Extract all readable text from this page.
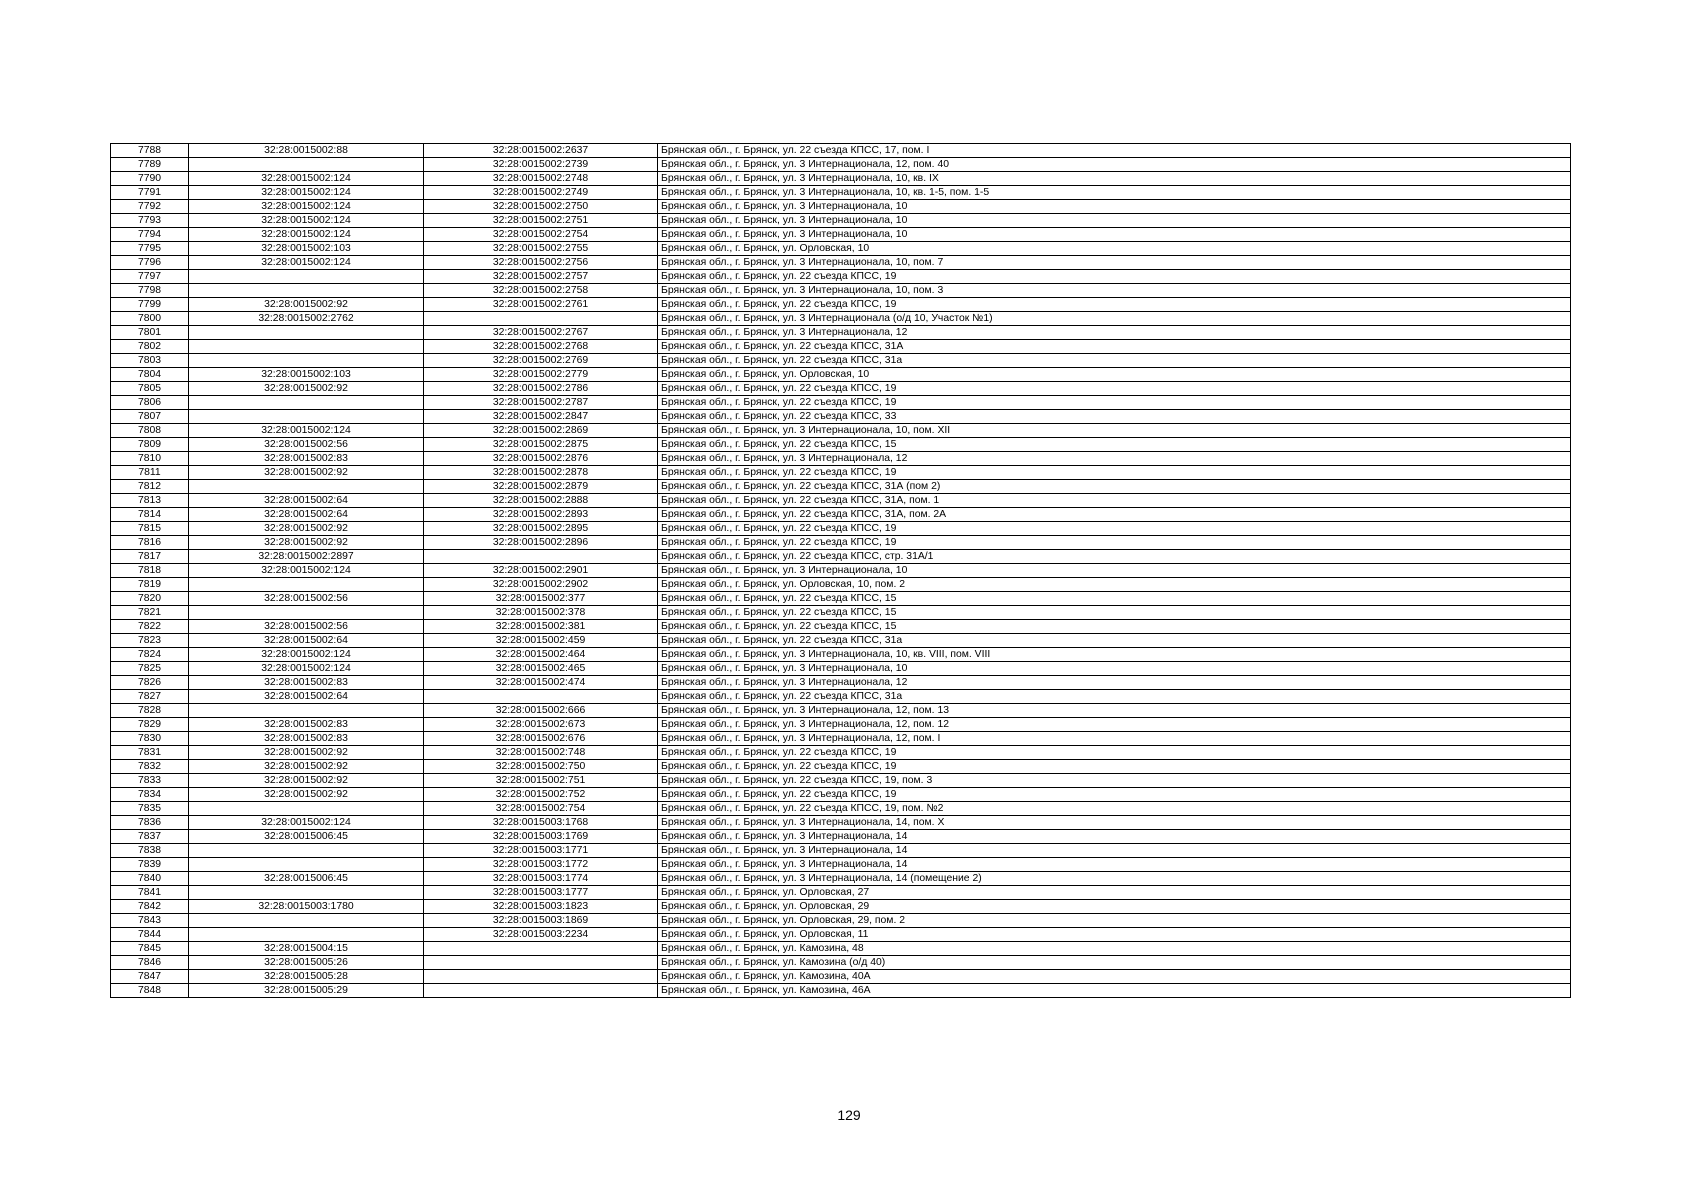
7788	32:28:0015002:88	32:28:0015002:2637	Брянская обл., г. Брянск, ул. 22 съезда КПСС, 17, пом. I
7789		32:28:0015002:2739	Брянская обл., г. Брянск, ул. 3 Интернационала, 12, пом. 40
7790	32:28:0015002:124	32:28:0015002:2748	Брянская обл., г. Брянск, ул. 3 Интернационала, 10, кв. IX
7791	32:28:0015002:124	32:28:0015002:2749	Брянская обл., г. Брянск, ул. 3 Интернационала, 10, кв. 1-5, пом. 1-5
7792	32:28:0015002:124	32:28:0015002:2750	Брянская обл., г. Брянск, ул. 3 Интернационала, 10
7793	32:28:0015002:124	32:28:0015002:2751	Брянская обл., г. Брянск, ул. 3 Интернационала, 10
7794	32:28:0015002:124	32:28:0015002:2754	Брянская обл., г. Брянск, ул. 3 Интернационала, 10
7795	32:28:0015002:103	32:28:0015002:2755	Брянская обл., г. Брянск, ул. Орловская, 10
7796	32:28:0015002:124	32:28:0015002:2756	Брянская обл., г. Брянск, ул. 3 Интернационала, 10, пом. 7
7797		32:28:0015002:2757	Брянская обл., г. Брянск, ул. 22 съезда КПСС, 19
7798		32:28:0015002:2758	Брянская обл., г. Брянск, ул. 3 Интернационала, 10, пом. 3
7799	32:28:0015002:92	32:28:0015002:2761	Брянская обл., г. Брянск, ул. 22 съезда КПСС, 19
7800	32:28:0015002:2762		Брянская обл., г. Брянск, ул. 3 Интернационала (о/д 10, Участок №1)
7801		32:28:0015002:2767	Брянская обл., г. Брянск, ул. 3 Интернационала, 12
7802		32:28:0015002:2768	Брянская обл., г. Брянск, ул. 22 съезда КПСС, 31А
7803		32:28:0015002:2769	Брянская обл., г. Брянск, ул. 22 съезда КПСС, 31а
7804	32:28:0015002:103	32:28:0015002:2779	Брянская обл., г. Брянск, ул. Орловская, 10
7805	32:28:0015002:92	32:28:0015002:2786	Брянская обл., г. Брянск, ул. 22 съезда КПСС, 19
7806		32:28:0015002:2787	Брянская обл., г. Брянск, ул. 22 съезда КПСС, 19
7807		32:28:0015002:2847	Брянская обл., г. Брянск, ул. 22 съезда КПСС, 33
7808	32:28:0015002:124	32:28:0015002:2869	Брянская обл., г. Брянск, ул. 3 Интернационала, 10, пом. XII
7809	32:28:0015002:56	32:28:0015002:2875	Брянская обл., г. Брянск, ул. 22 съезда КПСС, 15
7810	32:28:0015002:83	32:28:0015002:2876	Брянская обл., г. Брянск, ул. 3 Интернационала, 12
7811	32:28:0015002:92	32:28:0015002:2878	Брянская обл., г. Брянск, ул. 22 съезда КПСС, 19
7812		32:28:0015002:2879	Брянская обл., г. Брянск, ул. 22 съезда КПСС, 31А (пом 2)
7813	32:28:0015002:64	32:28:0015002:2888	Брянская обл., г. Брянск, ул. 22 съезда КПСС, 31А, пом. 1
7814	32:28:0015002:64	32:28:0015002:2893	Брянская обл., г. Брянск, ул. 22 съезда КПСС, 31А, пом. 2А
7815	32:28:0015002:92	32:28:0015002:2895	Брянская обл., г. Брянск, ул. 22 съезда КПСС, 19
7816	32:28:0015002:92	32:28:0015002:2896	Брянская обл., г. Брянск, ул. 22 съезда КПСС, 19
7817	32:28:0015002:2897		Брянская обл., г. Брянск, ул. 22 съезда КПСС, стр. 31А/1
7818	32:28:0015002:124	32:28:0015002:2901	Брянская обл., г. Брянск, ул. 3 Интернационала, 10
7819		32:28:0015002:2902	Брянская обл., г. Брянск, ул. Орловская, 10, пом. 2
7820	32:28:0015002:56	32:28:0015002:377	Брянская обл., г. Брянск, ул. 22 съезда КПСС, 15
7821		32:28:0015002:378	Брянская обл., г. Брянск, ул. 22 съезда КПСС, 15
7822	32:28:0015002:56	32:28:0015002:381	Брянская обл., г. Брянск, ул. 22 съезда КПСС, 15
7823	32:28:0015002:64	32:28:0015002:459	Брянская обл., г. Брянск, ул. 22 съезда КПСС, 31а
7824	32:28:0015002:124	32:28:0015002:464	Брянская обл., г. Брянск, ул. 3 Интернационала, 10, кв. VIII, пом. VIII
7825	32:28:0015002:124	32:28:0015002:465	Брянская обл., г. Брянск, ул. 3 Интернационала, 10
7826	32:28:0015002:83	32:28:0015002:474	Брянская обл., г. Брянск, ул. 3 Интернационала, 12
7827	32:28:0015002:64		Брянская обл., г. Брянск, ул. 22 съезда КПСС, 31а
7828		32:28:0015002:666	Брянская обл., г. Брянск, ул. 3 Интернационала, 12, пом. 13
7829	32:28:0015002:83	32:28:0015002:673	Брянская обл., г. Брянск, ул. 3 Интернационала, 12, пом. 12
7830	32:28:0015002:83	32:28:0015002:676	Брянская обл., г. Брянск, ул. 3 Интернационала, 12, пом. I
7831	32:28:0015002:92	32:28:0015002:748	Брянская обл., г. Брянск, ул. 22 съезда КПСС, 19
7832	32:28:0015002:92	32:28:0015002:750	Брянская обл., г. Брянск, ул. 22 съезда КПСС, 19
7833	32:28:0015002:92	32:28:0015002:751	Брянская обл., г. Брянск, ул. 22 съезда КПСС, 19, пом. 3
7834	32:28:0015002:92	32:28:0015002:752	Брянская обл., г. Брянск, ул. 22 съезда КПСС, 19
7835		32:28:0015002:754	Брянская обл., г. Брянск, ул. 22 съезда КПСС, 19, пом. №2
7836	32:28:0015002:124	32:28:0015003:1768	Брянская обл., г. Брянск, ул. 3 Интернационала, 14, пом. X
7837	32:28:0015006:45	32:28:0015003:1769	Брянская обл., г. Брянск, ул. 3 Интернационала, 14
7838		32:28:0015003:1771	Брянская обл., г. Брянск, ул. 3 Интернационала, 14
7839		32:28:0015003:1772	Брянская обл., г. Брянск, ул. 3 Интернационала, 14
7840	32:28:0015006:45	32:28:0015003:1774	Брянская обл., г. Брянск, ул. 3 Интернационала, 14 (помещение 2)
7841		32:28:0015003:1777	Брянская обл., г. Брянск, ул. Орловская, 27
7842	32:28:0015003:1780	32:28:0015003:1823	Брянская обл., г. Брянск, ул. Орловская, 29
7843		32:28:0015003:1869	Брянская обл., г. Брянск, ул. Орловская, 29, пом. 2
7844		32:28:0015003:2234	Брянская обл., г. Брянск, ул. Орловская, 11
7845	32:28:0015004:15		Брянская обл., г. Брянск, ул. Камозина, 48
7846	32:28:0015005:26		Брянская обл., г. Брянск, ул. Камозина (о/д 40)
7847	32:28:0015005:28		Брянская обл., г. Брянск, ул. Камозина, 40А
7848	32:28:0015005:29		Брянская обл., г. Брянск, ул. Камозина, 46А
129
